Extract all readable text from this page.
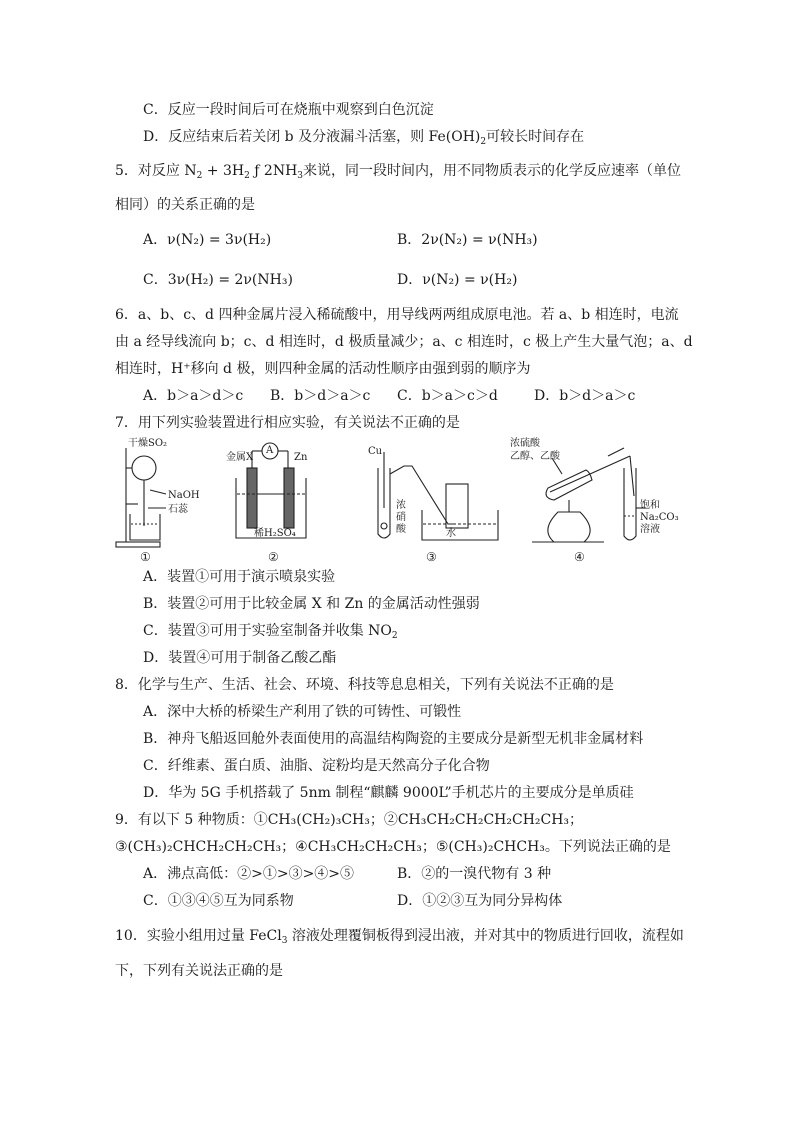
C．反应一段时间后可在烧瓶中观察到白色沉淀
D．反应结束后若关闭 b 及分液漏斗活塞，则 $Fe(OH)_2$可较长时间存在
5．对反应 $N_2 + 3H_2$ ƒ $2NH_3$来说，同一段时间内，用不同物质表示的化学反应速率（单位
相同）的关系正确的是
A．ν(N₂) = 3ν(H₂)	B．2ν(N₂) = ν(NH₃)
C．3ν(H₂) = 2ν(NH₃)	D．ν(N₂) = ν(H₂)
6．a、b、c、d 四种金属片浸入稀硫酸中，用导线两两组成原电池。若 a、b 相连时，电流
由 a 经导线流向 b；c、d 相连时，d 极质量减少；a、c 相连时，c 极上产生大量气泡；a、d
相连时，H⁺移向 d 极，则四种金属的活动性顺序由强到弱的顺序为
A．b＞a＞d＞c B．b＞d＞a＞c C．b＞a＞c＞d	D．b＞d＞a＞c
7．用下列实验装置进行相应实验，有关说法不正确的是
干燥SO₂
NaOH
石蕊
①
金属X
A
Zn
稀H₂SO₄
②
Cu
浓
硝
酸	水
③
浓硫酸
乙醇、乙酸
饱和
Na₂CO₃
溶液
④
A．装置①可用于演示喷泉实验
B．装置②可用于比较金属 X 和 Zn 的金属活动性强弱
C．装置③可用于实验室制备并收集 $NO_2$
D．装置④可用于制备乙酸乙酯
8．化学与生产、生活、社会、环境、科技等息息相关，下列有关说法不正确的是
A．深中大桥的桥梁生产利用了铁的可铸性、可锻性
B．神舟飞船返回舱外表面使用的高温结构陶瓷的主要成分是新型无机非金属材料
C．纤维素、蛋白质、油脂、淀粉均是天然高分子化合物
D．华为 5G 手机搭载了 5nm 制程“麒麟 9000L”手机芯片的主要成分是单质硅
9．有以下 5 种物质：①CH₃(CH₂)₃CH₃；②CH₃CH₂CH₂CH₂CH₂CH₃；
③(CH₃)₂CHCH₂CH₂CH₃；④CH₃CH₂CH₂CH₃；⑤(CH₃)₂CHCH₃。下列说法正确的是
A．沸点高低：②>①>③>④>⑤	B．②的一溴代物有 3 种
C．①③④⑤互为同系物	D．①②③互为同分异构体
10．实验小组用过量 FeCl$_3$ 溶液处理覆铜板得到浸出液，并对其中的物质进行回收，流程如
下，下列有关说法正确的是
